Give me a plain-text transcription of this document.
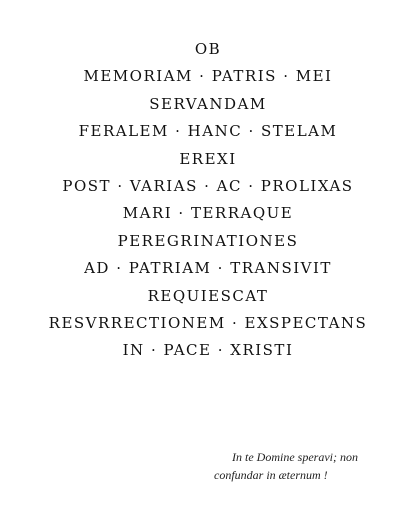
OB
MEMORIAM · PATRIS · MEI
SERVANDAM
FERALEM · HANC · STELAM
EREXI
POST · VARIAS · AC · PROLIXAS
MARI · TERRAQUE
PEREGRINATIONES
AD · PATRIAM · TRANSIVIT
REQUIESCAT
RESVRRECTIONEM · EXSPECTANS
IN · PACE · XRISTI
In te Domine speravi; non
confundar in æternum !
